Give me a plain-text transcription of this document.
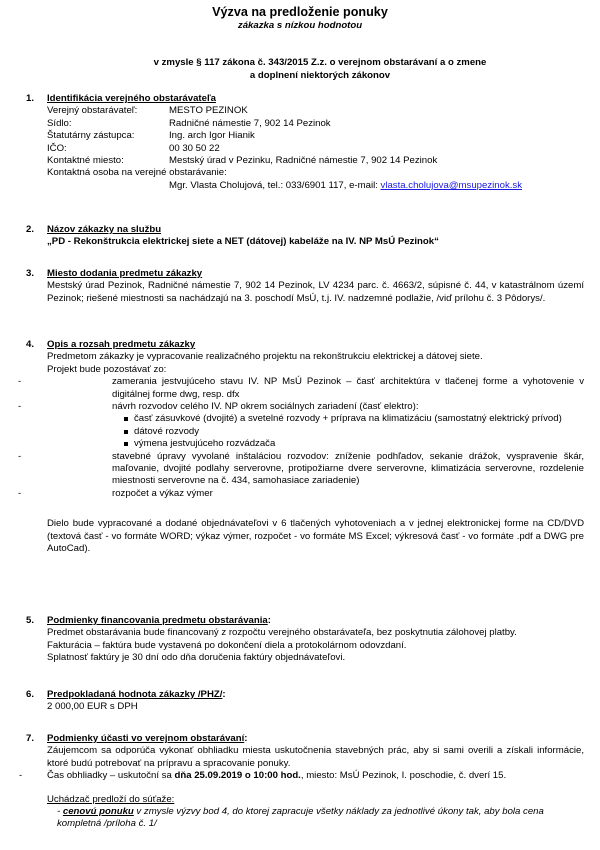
Výzva na predloženie ponuky
zákazka s nízkou hodnotou
v zmysle § 117 zákona č. 343/2015 Z.z. o verejnom obstarávaní a o zmene
a doplnení niektorých zákonov
1. Identifikácia verejného obstarávateľa
Verejný obstarávateľ:	MESTO PEZINOK
Sídlo:	Radničné námestie 7, 902 14 Pezinok
Štatutárny zástupca:	Ing. arch Igor Hianik
IČO:	00 30 50 22
Kontaktné miesto:	Mestský úrad v Pezinku, Radničné námestie 7, 902 14 Pezinok
Kontaktná osoba na verejné obstarávanie:
Mgr. Vlasta Cholujová, tel.: 033/6901 117, e-mail: vlasta.cholujova@msupezinok.sk
2. Názov zákazky na službu
„PD - Rekonštrukcia elektrickej siete a NET (dátovej) kabeláže na IV. NP MsÚ Pezinok“
3. Miesto dodania predmetu zákazky
Mestský úrad Pezinok, Radničné námestie 7, 902 14 Pezinok, LV 4234 parc. č. 4663/2, súpisné č. 44, v katastrálnom území Pezinok; riešené miestnosti sa nachádzajú na 3. poschodí MsÚ, t.j. IV. nadzemné podlažie, /viď prílohu č. 3 Pôdorys/.
4. Opis a rozsah predmetu zákazky
Predmetom zákazky je vypracovanie realizačného projektu na rekonštrukciu elektrickej a dátovej siete.
Projekt bude pozostávať zo:
- zamerania jestvujúceho stavu IV. NP MsÚ Pezinok – časť architektúra v tlačenej forme a vyhotovenie v digitálnej forme dwg, resp. dfx
- návrh rozvodov celého IV. NP okrem sociálnych zariadení (časť elektro):
časť zásuvkové (dvojité) a svetelné rozvody + príprava na klimatizáciu (samostatný elektrický prívod)
dátové rozvody
výmena jestvujúceho rozvádzača
- stavebné úpravy vyvolané inštaláciou rozvodov: zníženie podhľadov, sekanie drážok, vyspravenie škár, maľovanie, dvojité podlahy serverovne, protipožiarne dvere serverovne, klimatizácia serverovne, rozdelenie miestnosti serverovne na č. 434, samohasiace zariadenie)
- rozpočet a výkaz výmer
Dielo bude vypracované a dodané objednávateľovi v 6 tlačených vyhotoveniach a v jednej elektronickej forme na CD/DVD (textová časť - vo formáte WORD; výkaz výmer, rozpočet - vo formáte MS Excel; výkresová časť - vo formáte .pdf a DWG pre AutoCad).
5. Podmienky financovania predmetu obstarávania:
Predmet obstarávania bude financovaný z rozpočtu verejného obstarávateľa, bez poskytnutia zálohovej platby.
Fakturácia – faktúra bude vystavená po dokončení diela a protokolárnom odovzdaní.
Splatnosť faktúry je 30 dní odo dňa doručenia faktúry objednávateľovi.
6. Predpokladaná hodnota zákazky /PHZ/:
2 000,00 EUR s DPH
7. Podmienky účasti vo verejnom obstarávaní:
Záujemcom sa odporúča vykonať obhliadku miesta uskutočnenia stavebných prác, aby si sami overili a získali informácie, ktoré budú potrebovať na prípravu a spracovanie ponuky.
- Čas obhliadky – uskutoční sa dňa 25.09.2019 o 10:00 hod., miesto: MsÚ Pezinok, I. poschodie, č. dverí 15.
Uchádzač predloží do súťaže:
- cenovú ponuku v zmysle výzvy bod 4, do ktorej zapracuje všetky náklady za jednotlivé úkony tak, aby bola cena kompletná /príloha č. 1/
